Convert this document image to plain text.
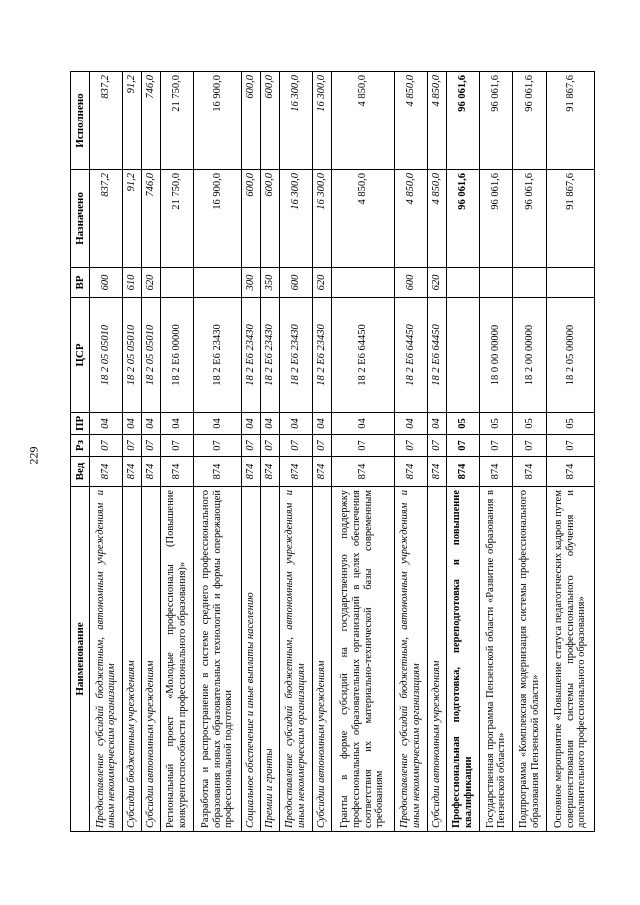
229
Наименование	Вед	Рз	ПР	ЦСР	ВР	Назначено	Исполнено
Предоставление субсидий бюджетным, автономным учреждениям и иным некоммерческим организациям	874	07	04	18 2 05 05010	600	837,2	837,2
Субсидии бюджетным учреждениям	874	07	04	18 2 05 05010	610	91,2	91,2
Субсидии автономным учреждениям	874	07	04	18 2 05 05010	620	746,0	746,0
Региональный проект «Молодые профессионалы (Повышение конкурентоспособности профессионального образования)»	874	07	04	18 2 E6 00000		21 750,0	21 750,0
Разработка и распространение в системе среднего профессионального образования новых образовательных технологий и формы опережающей профессиональной подготовки	874	07	04	18 2 E6 23430		16 900,0	16 900,0
Социальное обеспечение и иные выплаты населению	874	07	04	18 2 E6 23430	300	600,0	600,0
Премии и гранты	874	07	04	18 2 E6 23430	350	600,0	600,0
Предоставление субсидий бюджетным, автономным учреждениям и иным некоммерческим организациям	874	07	04	18 2 E6 23430	600	16 300,0	16 300,0
Субсидии автономным учреждениям	874	07	04	18 2 E6 23430	620	16 300,0	16 300,0
Гранты в форме субсидий на государственную поддержку профессиональных образовательных организаций в целях обеспечения соответствия их материально-технической базы современным требованиям	874	07	04	18 2 E6 64450		4 850,0	4 850,0
Предоставление субсидий бюджетным, автономным учреждениям и иным некоммерческим организациям	874	07	04	18 2 E6 64450	600	4 850,0	4 850,0
Субсидии автономным учреждениям	874	07	04	18 2 E6 64450	620	4 850,0	4 850,0
Профессиональная подготовка, переподготовка и повышение квалификации	874	07	05			96 061,6	96 061,6
Государственная программа Пензенской области «Развитие образования в Пензенской области»	874	07	05	18 0 00 00000		96 061,6	96 061,6
Подпрограмма «Комплексная модернизация системы профессионального образования Пензенской области»	874	07	05	18 2 00 00000		96 061,6	96 061,6
Основное мероприятие «Повышение статуса педагогических кадров путем совершенствования системы профессионального обучения и дополнительного профессионального образования»	874	07	05	18 2 05 00000		91 867,6	91 867,6
